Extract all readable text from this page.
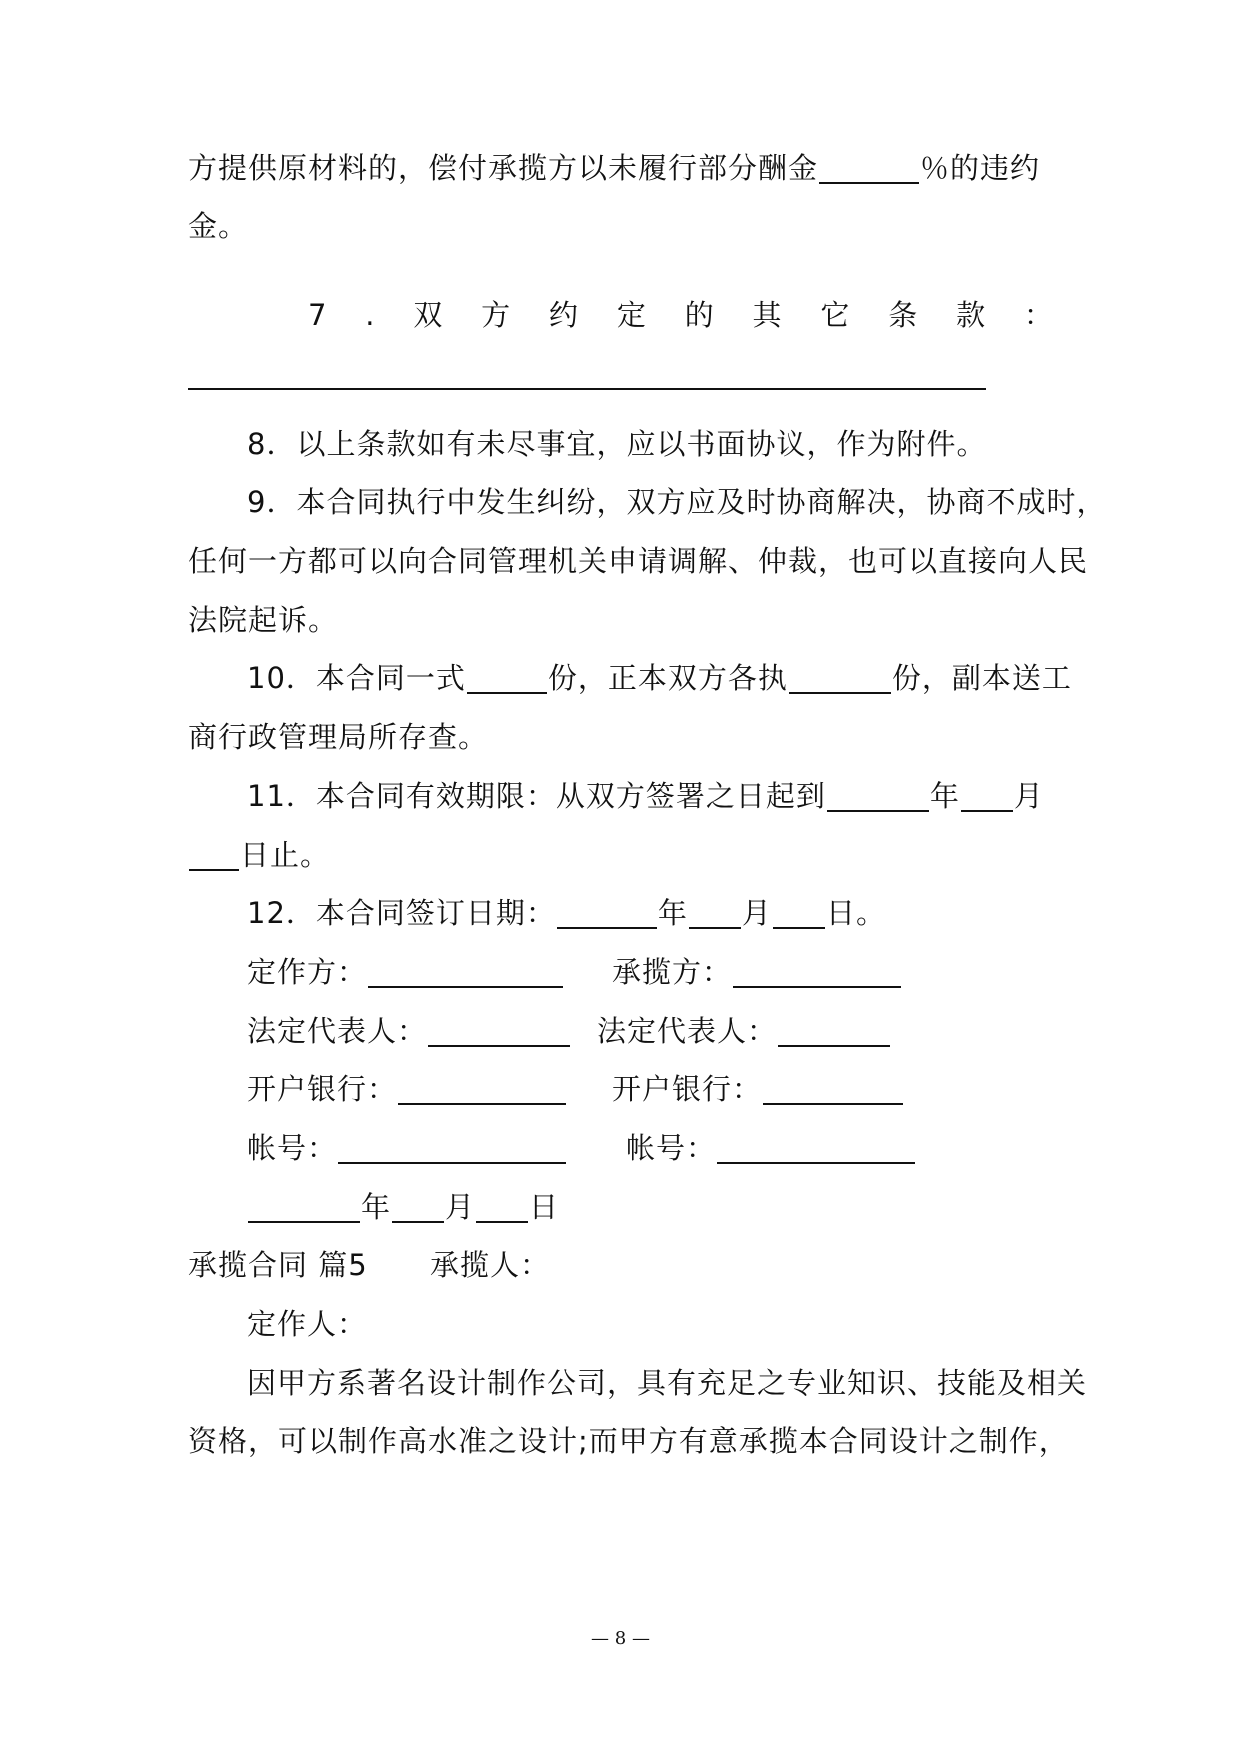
方提供原材料的，偿付承揽方以未履行部分酬金	％的违约
金。
7 . 双 方 约 定 的 其 它 条 款 ：
8．以上条款如有未尽事宜，应以书面协议，作为附件。
9．本合同执行中发生纠纷，双方应及时协商解决，协商不成时，
任何一方都可以向合同管理机关申请调解、仲裁，也可以直接向人民
法院起诉。
10．本合同一式	份，正本双方各执	份，副本送工
商行政管理局所存查。
11．本合同有效期限：从双方签署之日起到	年 月
日止。
12．本合同签订日期：	年 月 日。
定作方：	承揽方：
法定代表人：	法定代表人：
开户银行：	开户银行：
帐号：	帐号：
年 月 日
承揽合同 篇5 承揽人：
定作人：
因甲方系著名设计制作公司，具有充足之专业知识、技能及相关
资格，可以制作高水准之设计;而甲方有意承揽本合同设计之制作，
— 8 —
